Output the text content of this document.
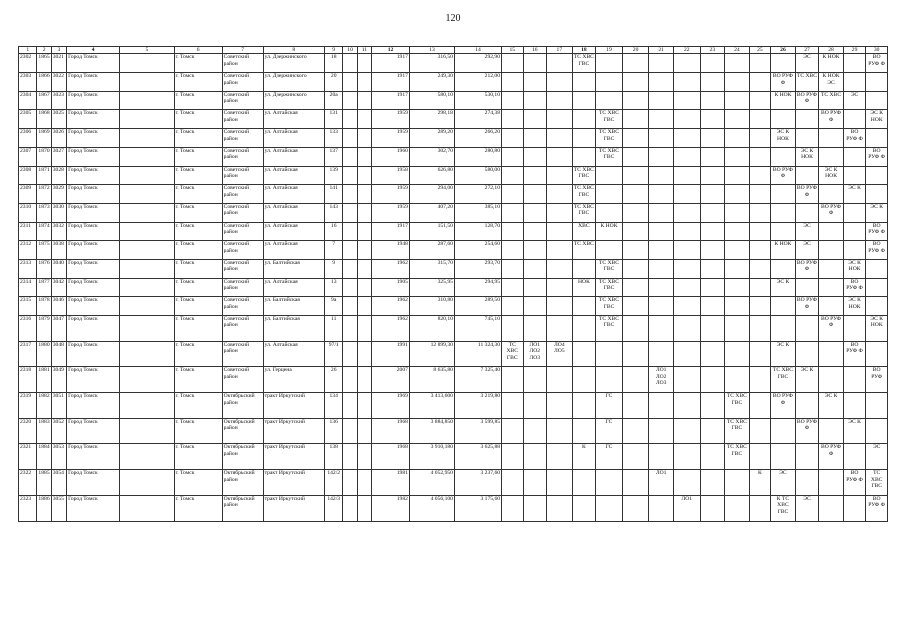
120
1	2	3	4	5	6	7	8	9	10	11	12	13	14	15	16	17	18	19	20	21	22	23	24	25	26	27	28	29	30
2302	1865	3021	Город Томск		г. Томск	Советский район	ул. Дзержинского	18			1917	316,50	292,90				ТС ХВС ГВС									ЭС	К НОК		ВО РУФ Ф
2303	1866	3022	Город Томск		г. Томск	Советский район	ул. Дзержинского	20			1917	249,30	212,00												ВО РУФ Ф	ТС ХВС	К НОК ЭС		
2304	1867	3023	Город Томск		г. Томск	Советский район	ул. Дзержинского	20а			1917	580,10	530,10												К НОК	ВО РУФ Ф	ТС ХВС	ЭС	
2305	1868	3025	Город Томск		г. Томск	Советский район	ул. Алтайская	131			1959	298,18	274,38					ТС ХВС ГВС									ВО РУФ Ф		ЭС К НОК
2306	1869	3026	Город Томск		г. Томск	Советский район	ул. Алтайская	133			1959	289,20	266,20					ТС ХВС ГВС							ЭС К НОК			ВО РУФ Ф	
2307	1870	3027	Город Томск		г. Томск	Советский район	ул. Алтайская	137			1960	302,70	280,80					ТС ХВС ГВС								ЭС К НОК			ВО РУФ Ф
2308	1871	3028	Город Томск		г. Томск	Советский район	ул. Алтайская	139			1958	626,80	580,00				ТС ХВС ГВС								ВО РУФ Ф		ЭС К НОК		
2309	1872	3029	Город Томск		г. Томск	Советский район	ул. Алтайская	141			1959	294,00	272,10				ТС ХВС ГВС									ВО РУФ Ф		ЭС К	
2310	1873	3030	Город Томск		г. Томск	Советский район	ул. Алтайская	143			1959	407,20	385,10				ТС ХВС ГВС										ВО РУФ Ф		ЭС К
2311	1874	3032	Город Томск		г. Томск	Советский район	ул. Алтайская	16			1917	151,50	128,70				ХВС	К НОК								ЭС			ВО РУФ Ф
2312	1875	3038	Город Томск		г. Томск	Советский район	ул. Алтайская	7			1948	287,60	254,60				ТС ХВС								К НОК	ЭС			ВО РУФ Ф
2313	1876	3040	Город Томск		г. Томск	Советский район	ул. Балтийская	9			1962	315,70	293,70					ТС ХВС ГВС								ВО РУФ Ф		ЭС К НОК	
2314	1877	3042	Город Томск		г. Томск	Советский район	ул. Алтайская	13			1905	325,95	294,95				НОК	ТС ХВС ГВС							ЭС К			ВО РУФ Ф	
2315	1878	3046	Город Томск		г. Томск	Советский район	ул. Балтийская	9а			1962	310,80	289,50					ТС ХВС ГВС								ВО РУФ Ф		ЭС К НОК	
2316	1879	3047	Город Томск		г. Томск	Советский район	ул. Балтийская	11			1962	820,10	745,10					ТС ХВС ГВС									ВО РУФ Ф		ЭС К НОК
2317	1880	3048	Город Томск		г. Томск	Советский район	ул. Алтайская	97/1			1991	12 899,30	11 324,30	ТС ХВС ГВС	ЛО1 ЛО2 ЛО3	ЛО4 ЛО5									ЭС К			ВО РУФ Ф	
2318	1881	3049	Город Томск		г. Томск	Советский район	ул. Герцена	26			2007	8 635,80	7 325,40							ЛО1 ЛО2 ЛО3					ТС ХВС ГВС	ЭС К			ВО РУФ
2319	1882	3051	Город Томск		г. Томск	Октябрьский район	тракт Иркутский	134			1969	3 413,600	3 219,80					ГС					ТС ХВС ГВС		ВО РУФ Ф		ЭС К		
2320	1883	3052	Город Томск		г. Томск	Октябрьский район	тракт Иркутский	136			1968	3 884,850	3 599,85					ГС					ТС ХВС ГВС			ВО РУФ Ф		ЭС К	
2321	1884	3053	Город Томск		г. Томск	Октябрьский район	тракт Иркутский	138			1968	3 910,180	3 625,88				К	ГС					ТС ХВС ГВС				ВО РУФ Ф		ЭС
2322	1885	3054	Город Томск		г. Томск	Октябрьский район	тракт Иркутский	142/2			1981	4 052,950	3 237,60							ЛО1				К	ЭС			ВО РУФ Ф	ТС ХВС ГВС
2323	1886	3055	Город Томск		г. Томск	Октябрьский район	тракт Иркутский	142/3			1982	4 056,100	3 175,60								ЛО1				К ТС ХВС ГВС	ЭС			ВО РУФ Ф
